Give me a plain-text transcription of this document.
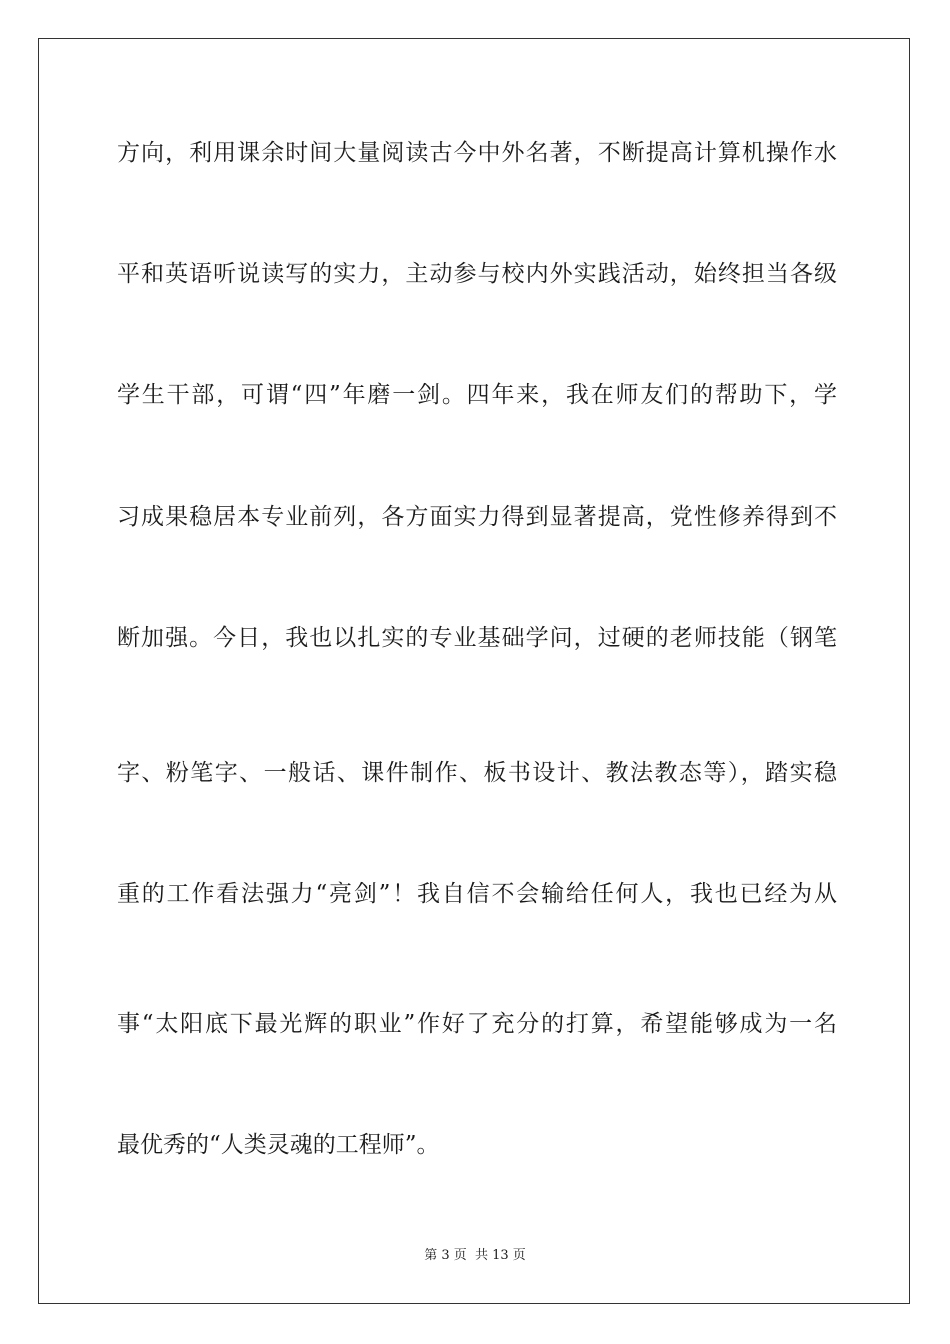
方向，利用课余时间大量阅读古今中外名著，不断提高计算机操作水
平和英语听说读写的实力，主动参与校内外实践活动，始终担当各级
学生干部，可谓“四”年磨一剑。四年来，我在师友们的帮助下，学
习成果稳居本专业前列，各方面实力得到显著提高，党性修养得到不
断加强。今日，我也以扎实的专业基础学问，过硬的老师技能（钢笔
字、粉笔字、一般话、课件制作、板书设计、教法教态等），踏实稳
重的工作看法强力“亮剑”！我自信不会输给任何人，我也已经为从
事“太阳底下最光辉的职业”作好了充分的打算，希望能够成为一名
最优秀的“人类灵魂的工程师”。
第 3 页 共 13 页
